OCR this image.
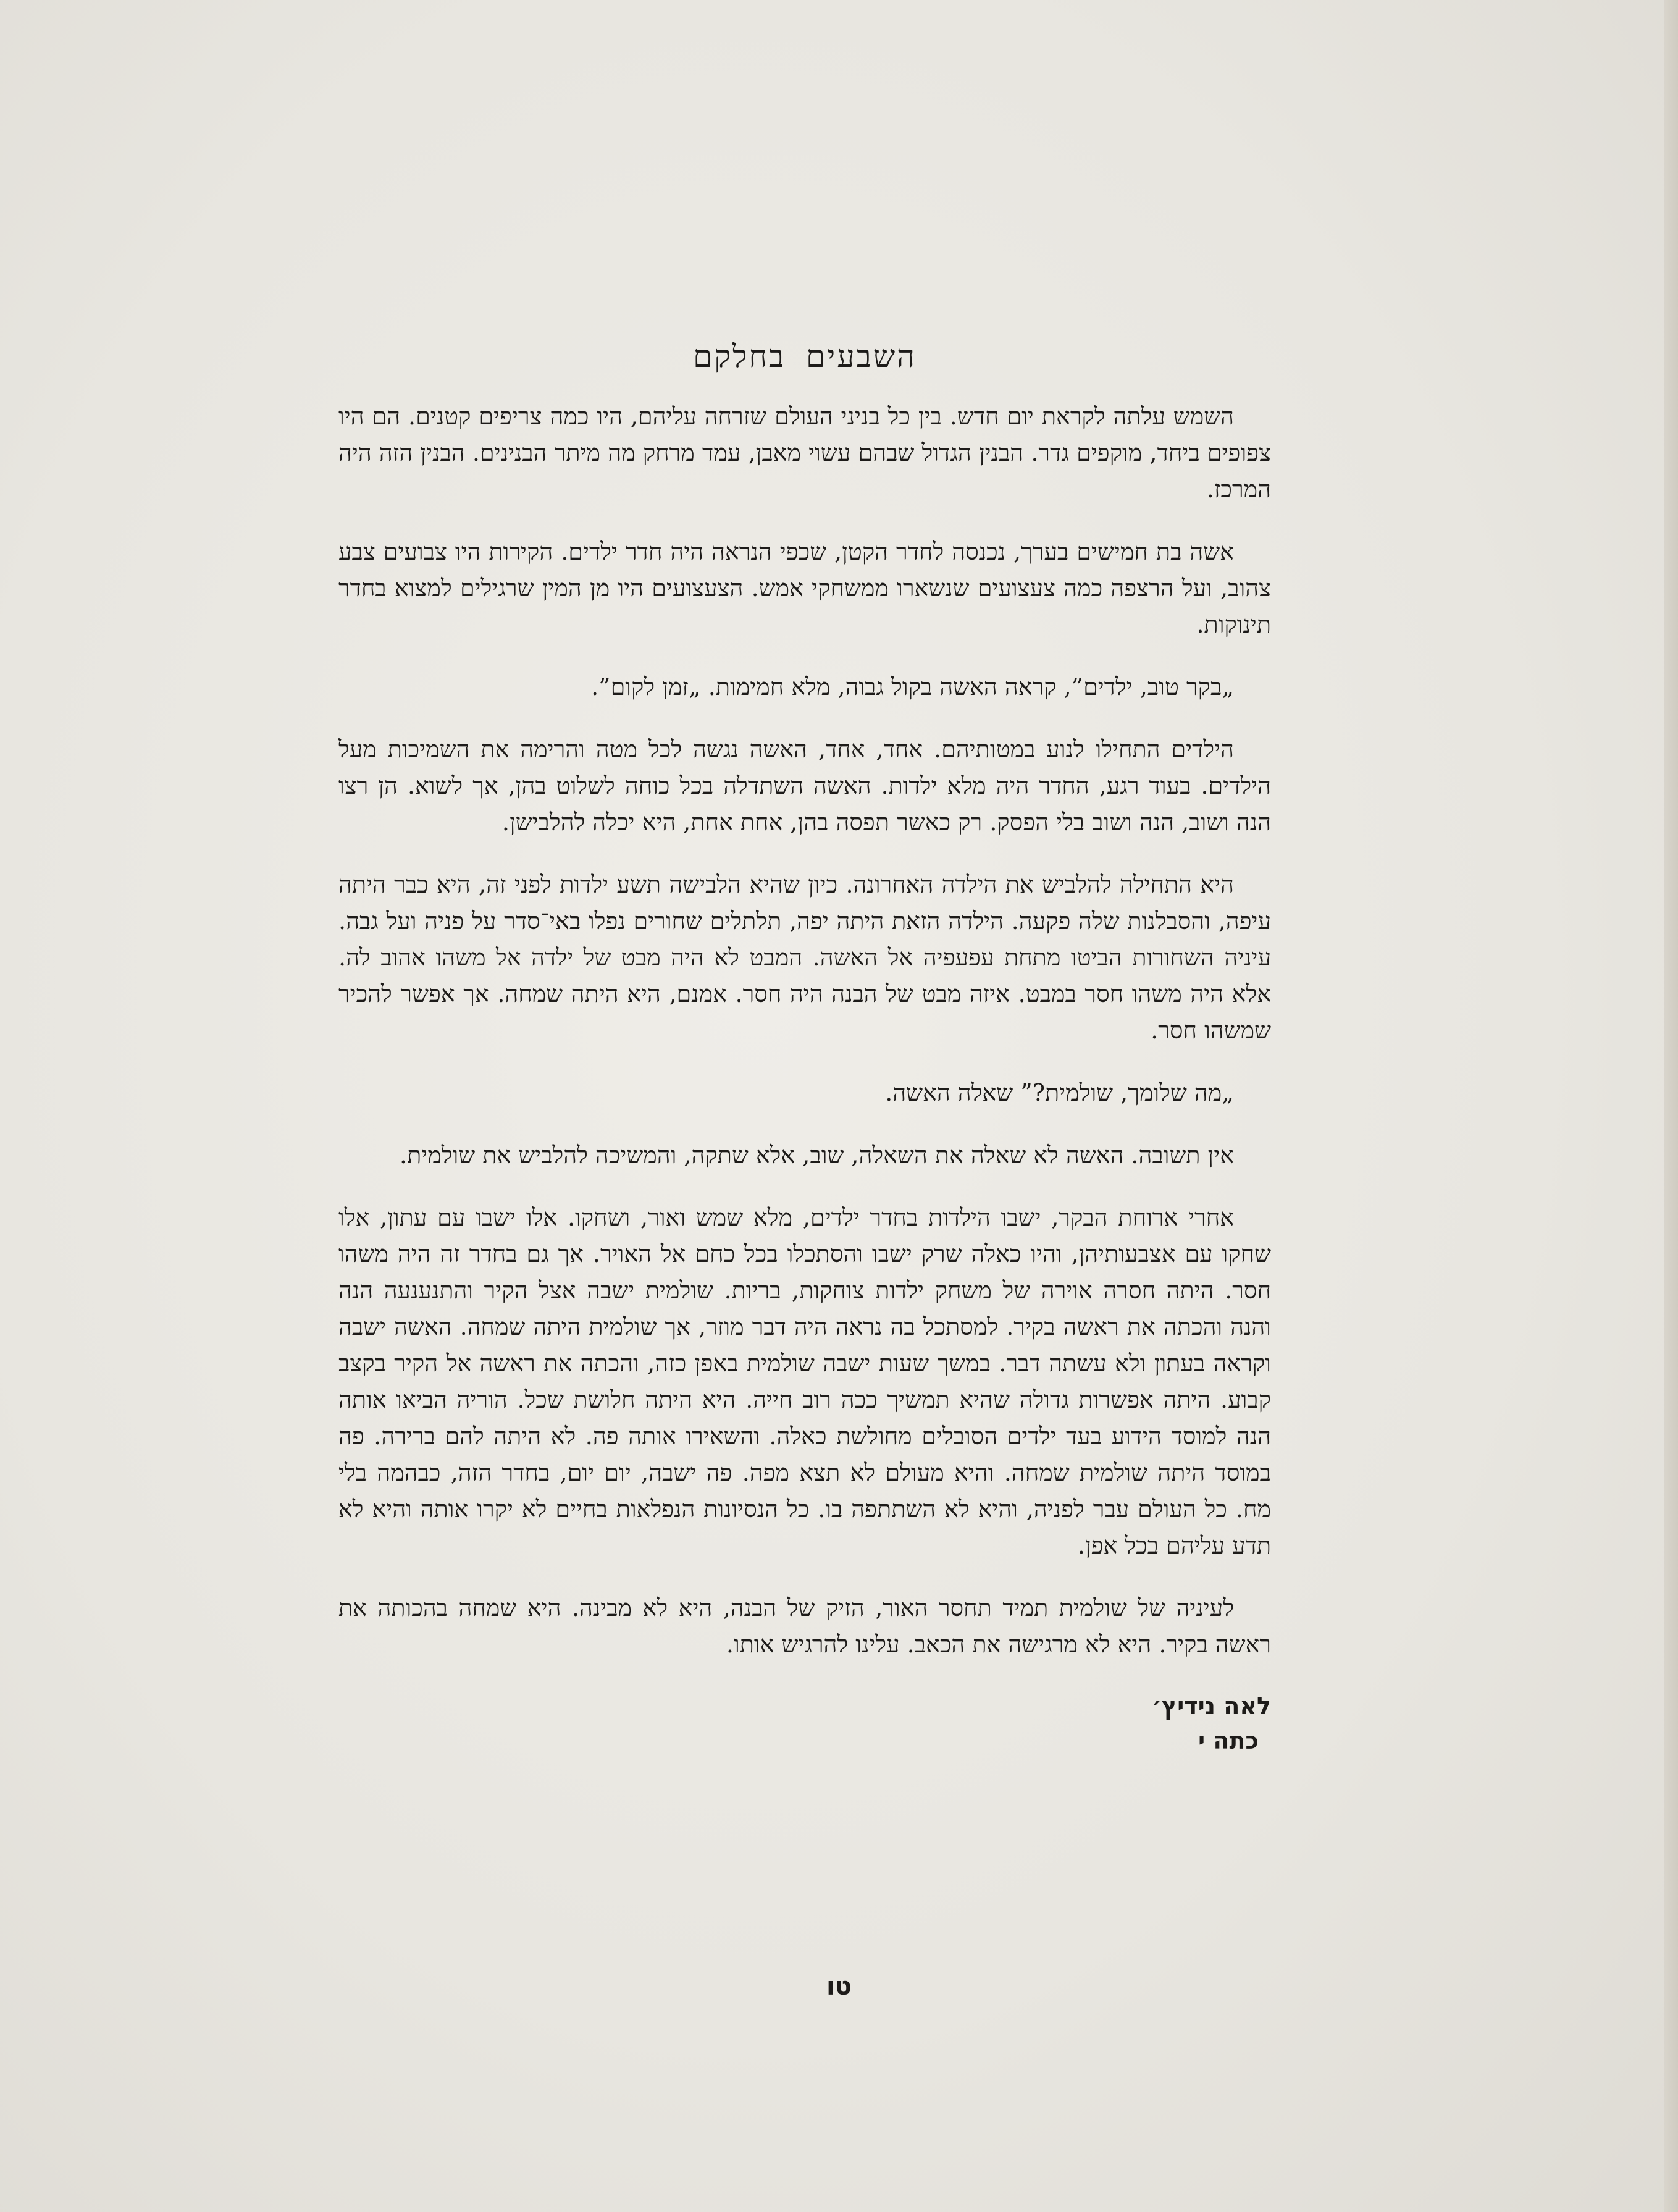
השבעים בחלקם

השמש עלתה לקראת יום חדש. בין כל בניני העולם שזרחה עליהם, היו כמה צריפים קטנים. הם היו צפופים ביחד, מוקפים גדר. הבנין הגדול שבהם עשוי מאבן, עמד מרחק מה מיתר הבנינים. הבנין הזה היה המרכז.

אשה בת חמישים בערך, נכנסה לחדר הקטן, שכפי הנראה היה חדר ילדים. הקירות היו צבועים צבע צהוב, ועל הרצפה כמה צעצועים שנשארו ממשחקי אמש. הצעצועים היו מן המין שרגילים למצוא בחדר תינוקות.

„בקר טוב, ילדים”, קראה האשה בקול גבוה, מלא חמימות. „זמן לקום”.

הילדים התחילו לנוע במטותיהם. אחד, אחד, האשה נגשה לכל מטה והרימה את השמיכות מעל הילדים. בעוד רגע, החדר היה מלא ילדות. האשה השתדלה בכל כוחה לשלוט בהן, אך לשוא. הן רצו הנה ושוב, הנה ושוב בלי הפסק. רק כאשר תפסה בהן, אחת אחת, היא יכלה להלבישן.

היא התחילה להלביש את הילדה האחרונה. כיון שהיא הלבישה תשע ילדות לפני זה, היא כבר היתה עיפה, והסבלנות שלה פקעה. הילדה הזאת היתה יפה, תלתלים שחורים נפלו באי־סדר על פניה ועל גבה. עיניה השחורות הביטו מתחת עפעפיה אל האשה. המבט לא היה מבט של ילדה אל משהו אהוב לה. אלא היה משהו חסר במבט. איזה מבט של הבנה היה חסר. אמנם, היא היתה שמחה. אך אפשר להכיר שמשהו חסר.

„מה שלומך, שולמית?” שאלה האשה.

אין תשובה. האשה לא שאלה את השאלה, שוב, אלא שתקה, והמשיכה להלביש את שולמית.

אחרי ארוחת הבקר, ישבו הילדות בחדר ילדים, מלא שמש ואור, ושחקו. אלו ישבו עם עתון, אלו שחקו עם אצבעותיהן, והיו כאלה שרק ישבו והסתכלו בכל כחם אל האויר. אך גם בחדר זה היה משהו חסר. היתה חסרה אוירה של משחק ילדות צוחקות, בריות. שולמית ישבה אצל הקיר והתנענעה הנה והנה והכתה את ראשה בקיר. למסתכל בה נראה היה דבר מוזר, אך שולמית היתה שמחה. האשה ישבה וקראה בעתון ולא עשתה דבר. במשך שעות ישבה שולמית באפן כזה, והכתה את ראשה אל הקיר בקצב קבוע. היתה אפשרות גדולה שהיא תמשיך ככה רוב חייה. היא היתה חלושת שכל. הוריה הביאו אותה הנה למוסד הידוע בעד ילדים הסובלים מחולשת כאלה. והשאירו אותה פה. לא היתה להם ברירה. פה במוסד היתה שולמית שמחה. והיא מעולם לא תצא מפה. פה ישבה, יום יום, בחדר הזה, כבהמה בלי מח. כל העולם עבר לפניה, והיא לא השתתפה בו. כל הנסיונות הנפלאות בחיים לא יקרו אותה והיא לא תדע עליהם בכל אפן.

לעיניה של שולמית תמיד תחסר האור, הזיק של הבנה, היא לא מבינה. היא שמחה בהכותה את ראשה בקיר. היא לא מרגישה את הכאב. עלינו להרגיש אותו.

לאה נידיץ׳
כתה י
טו
